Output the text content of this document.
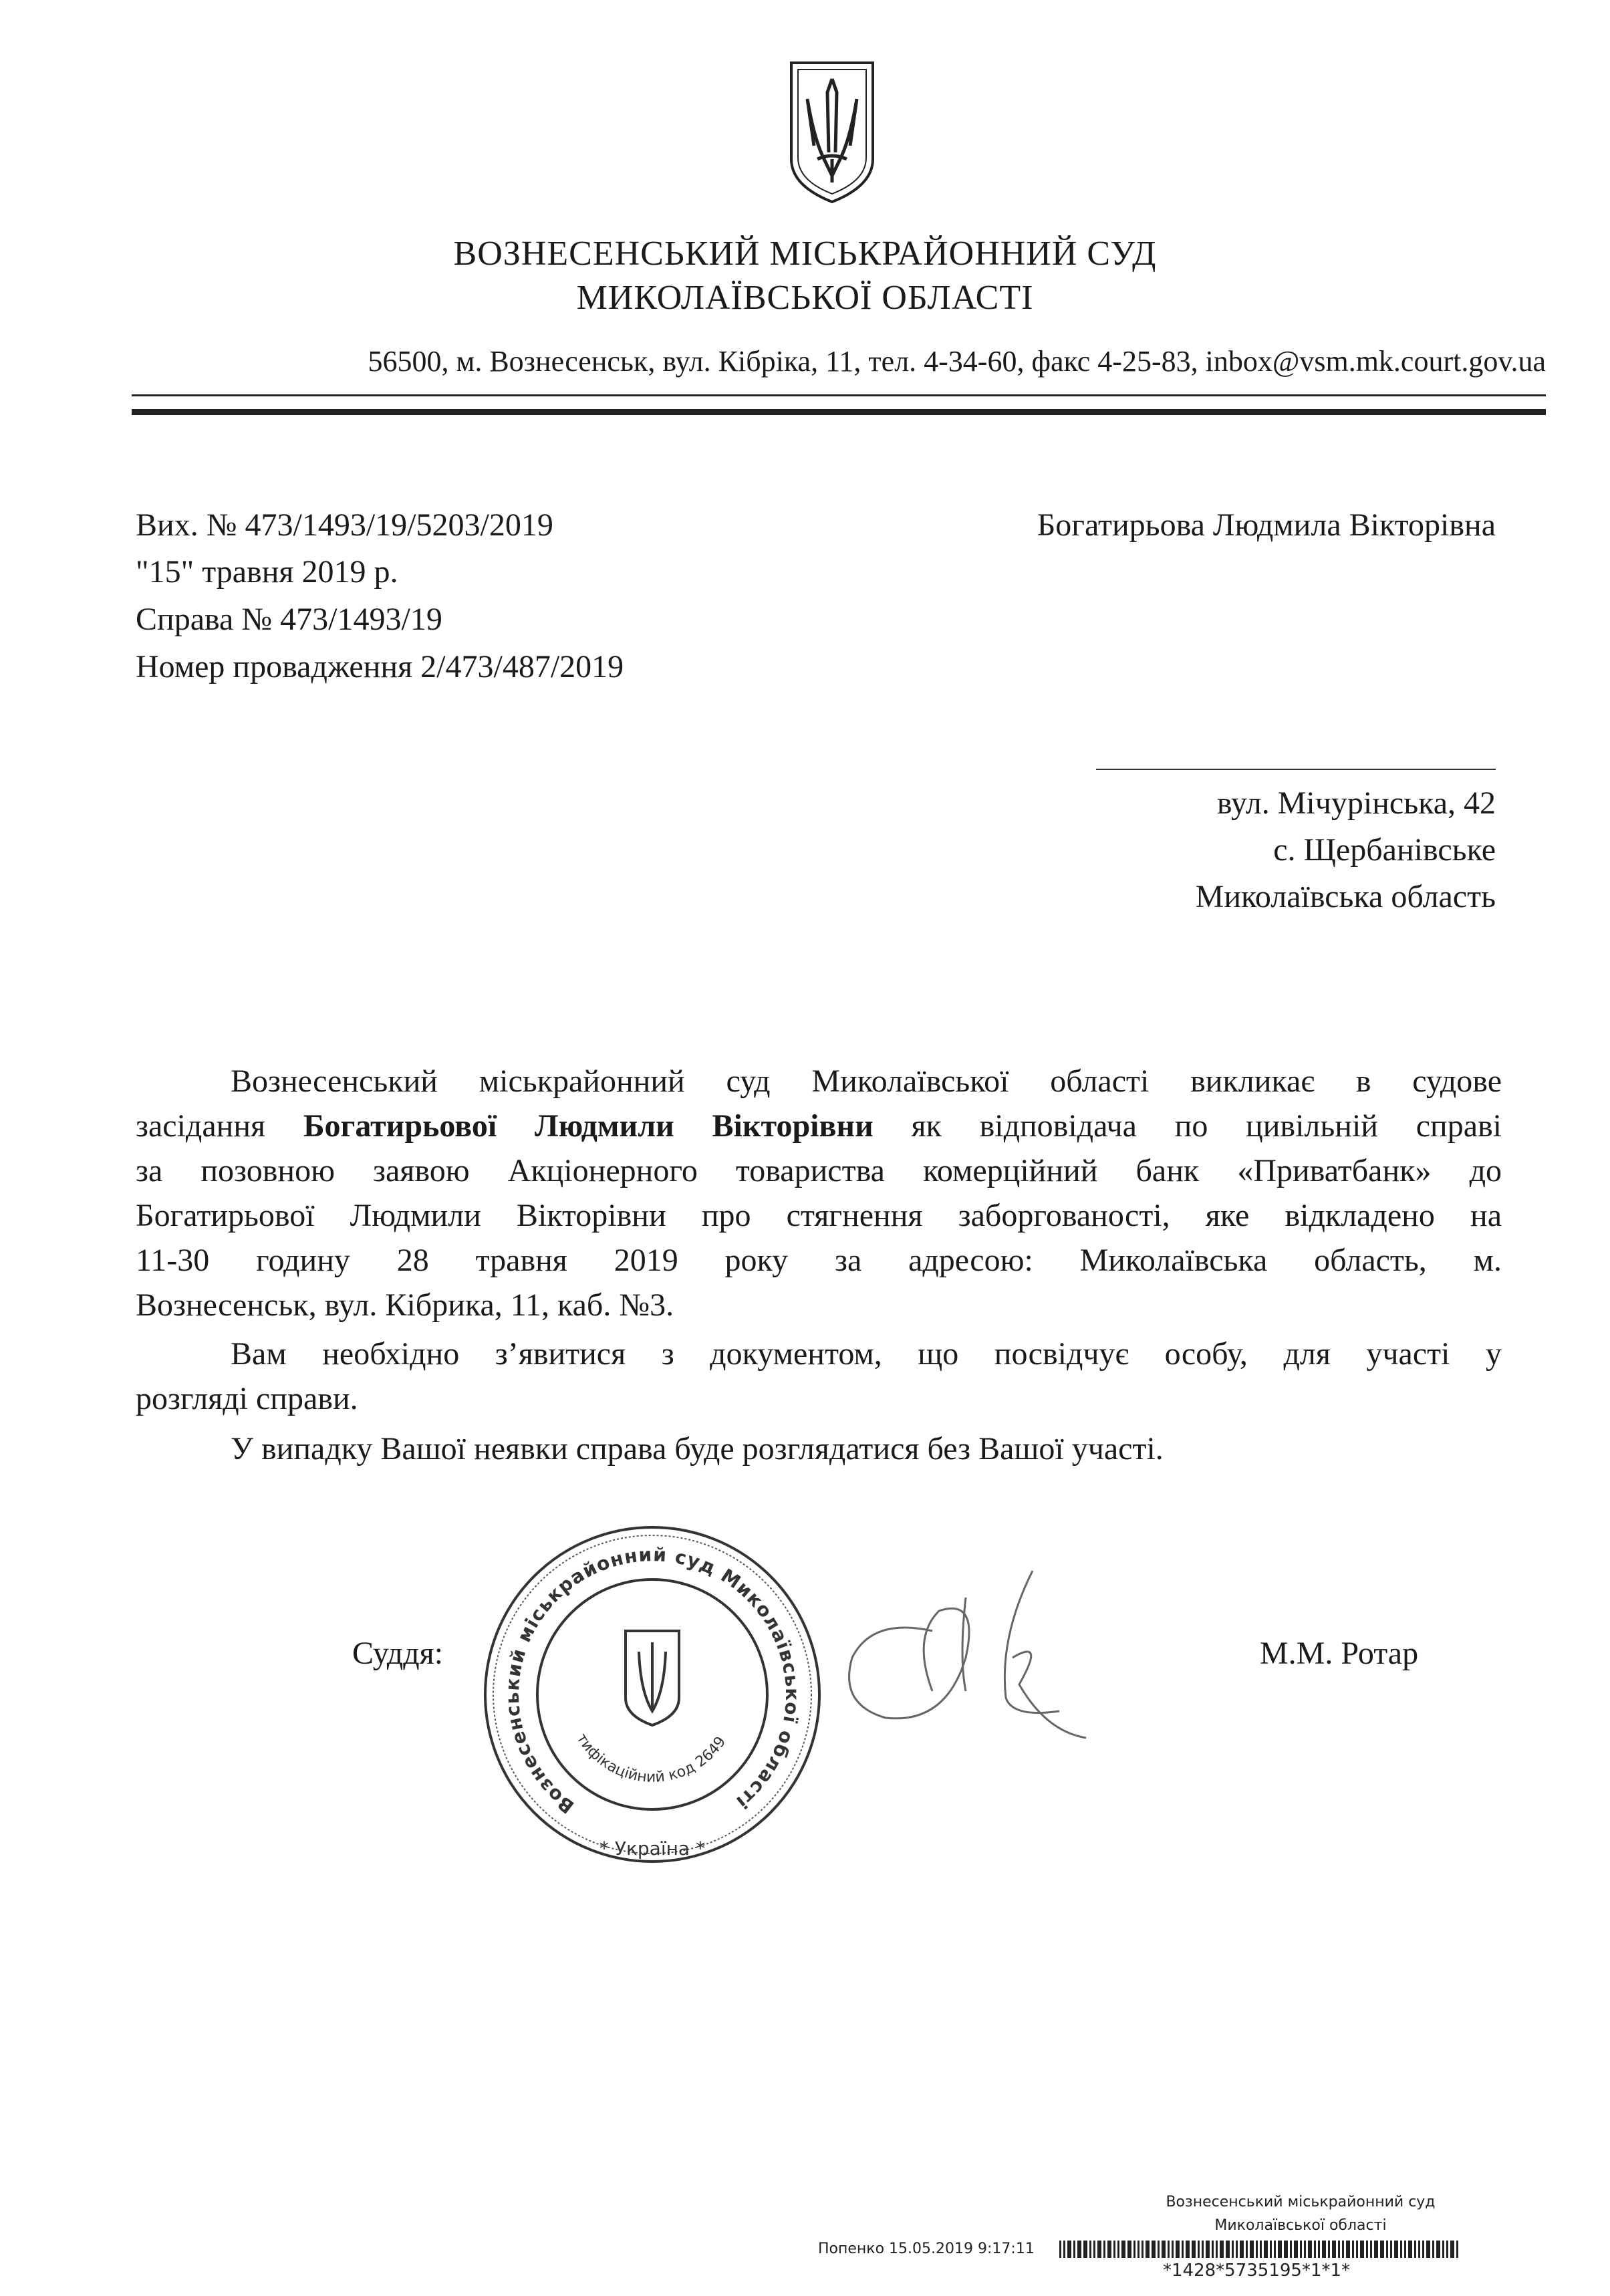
ВОЗНЕСЕНСЬКИЙ МІСЬКРАЙОННИЙ СУД
МИКОЛАЇВСЬКОЇ ОБЛАСТІ
56500, м. Вознесенськ, вул. Кібріка, 11, тел. 4-34-60, факс 4-25-83, inbox@vsm.mk.court.gov.ua
Вих. № 473/1493/19/5203/2019
"15" травня 2019 р.
Справа № 473/1493/19
Номер провадження 2/473/487/2019
Богатирьова Людмила Вікторівна
вул. Мічурінська, 42
с. Щербанівське
Миколаївська область
Вознесенський міськрайонний суд Миколаївської області викликає в судове
засідання Богатирьової Людмили Вікторівни як відповідача по цивільній справі
за позовною заявою Акціонерного товариства комерційний банк «Приватбанк» до
Богатирьової Людмили Вікторівни про стягнення заборгованості, яке відкладено на
11-30 годину 28 травня 2019 року за адресою: Миколаївська область, м.
Вознесенськ, вул. Кібрика, 11, каб. №3.
Вам необхідно з’явитися з документом, що посвідчує особу, для участі у
розгляді справи.
У випадку Вашої неявки справа буде розглядатися без Вашої участі.
Суддя:	М.М. Ротар
Вознесенський міськрайонний суд Миколаївської області
тифікаційний код 2649
* Україна *
Вознесенський міськрайонний суд
Миколаївської області
Попенко 15.05.2019 9:17:11
*1428*5735195*1*1*
